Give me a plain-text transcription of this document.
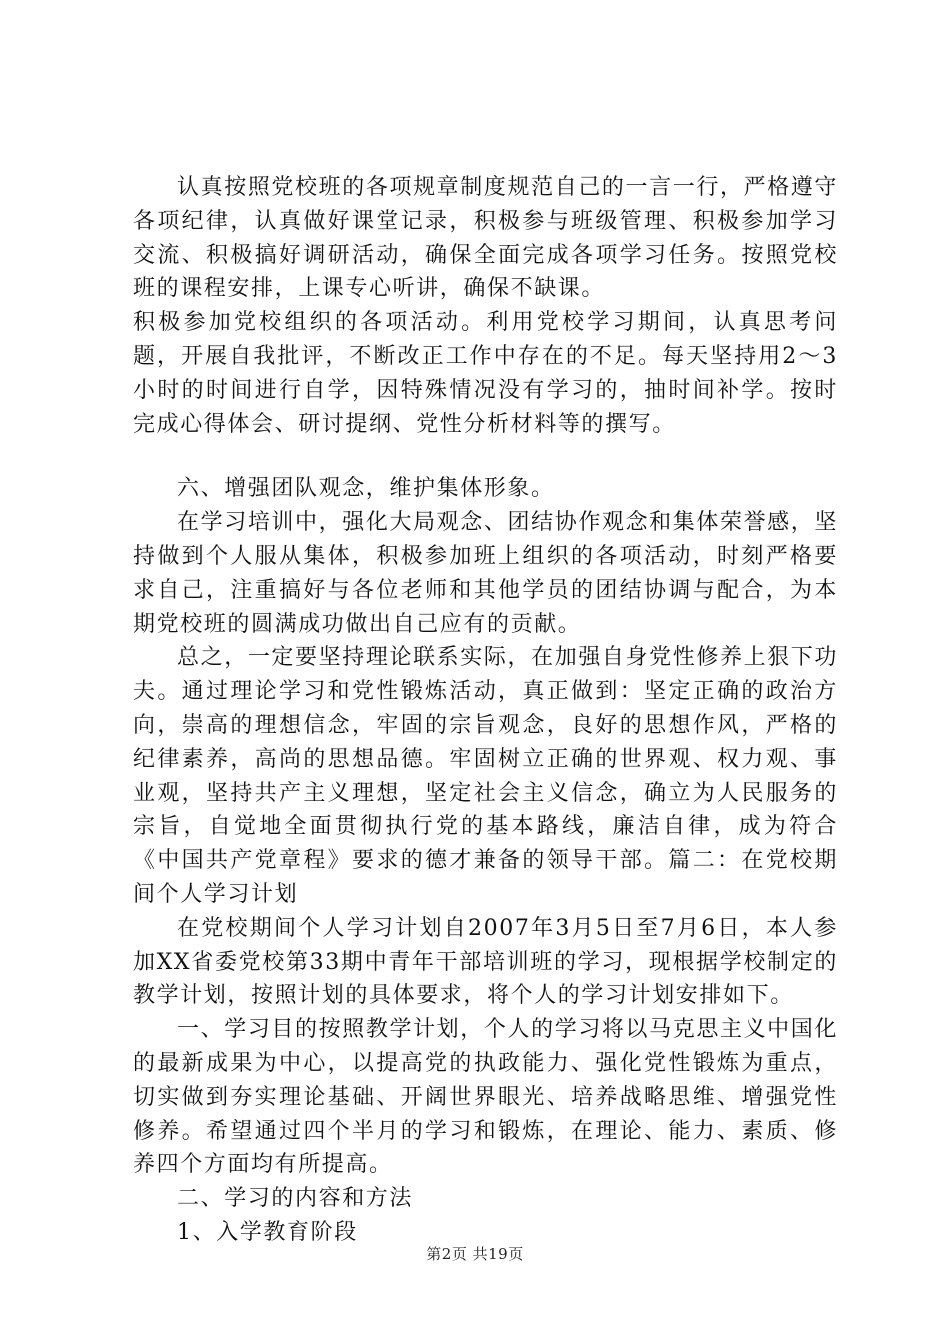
认真按照党校班的各项规章制度规范自己的一言一行，严格遵守各项纪律，认真做好课堂记录，积极参与班级管理、积极参加学习交流、积极搞好调研活动，确保全面完成各项学习任务。按照党校班的课程安排，上课专心听讲，确保不缺课。

积极参加党校组织的各项活动。利用党校学习期间，认真思考问题，开展自我批评，不断改正工作中存在的不足。每天坚持用2～3小时的时间进行自学，因特殊情况没有学习的，抽时间补学。按时完成心得体会、研讨提纲、党性分析材料等的撰写。

六、增强团队观念，维护集体形象。

在学习培训中，强化大局观念、团结协作观念和集体荣誉感，坚持做到个人服从集体，积极参加班上组织的各项活动，时刻严格要求自己，注重搞好与各位老师和其他学员的团结协调与配合，为本期党校班的圆满成功做出自己应有的贡献。

总之，一定要坚持理论联系实际，在加强自身党性修养上狠下功夫。通过理论学习和党性锻炼活动，真正做到：坚定正确的政治方向，崇高的理想信念，牢固的宗旨观念，良好的思想作风，严格的纪律素养，高尚的思想品德。牢固树立正确的世界观、权力观、事业观，坚持共产主义理想，坚定社会主义信念，确立为人民服务的宗旨，自觉地全面贯彻执行党的基本路线，廉洁自律，成为符合《中国共产党章程》要求的德才兼备的领导干部。篇二：在党校期间个人学习计划

在党校期间个人学习计划自2007年3月5日至7月6日，本人参加XX省委党校第33期中青年干部培训班的学习，现根据学校制定的教学计划，按照计划的具体要求，将个人的学习计划安排如下。

一、学习目的按照教学计划，个人的学习将以马克思主义中国化的最新成果为中心，以提高党的执政能力、强化党性锻炼为重点，切实做到夯实理论基础、开阔世界眼光、培养战略思维、增强党性修养。希望通过四个半月的学习和锻炼，在理论、能力、素质、修养四个方面均有所提高。

二、学习的内容和方法

1、入学教育阶段

第2页 共19页
